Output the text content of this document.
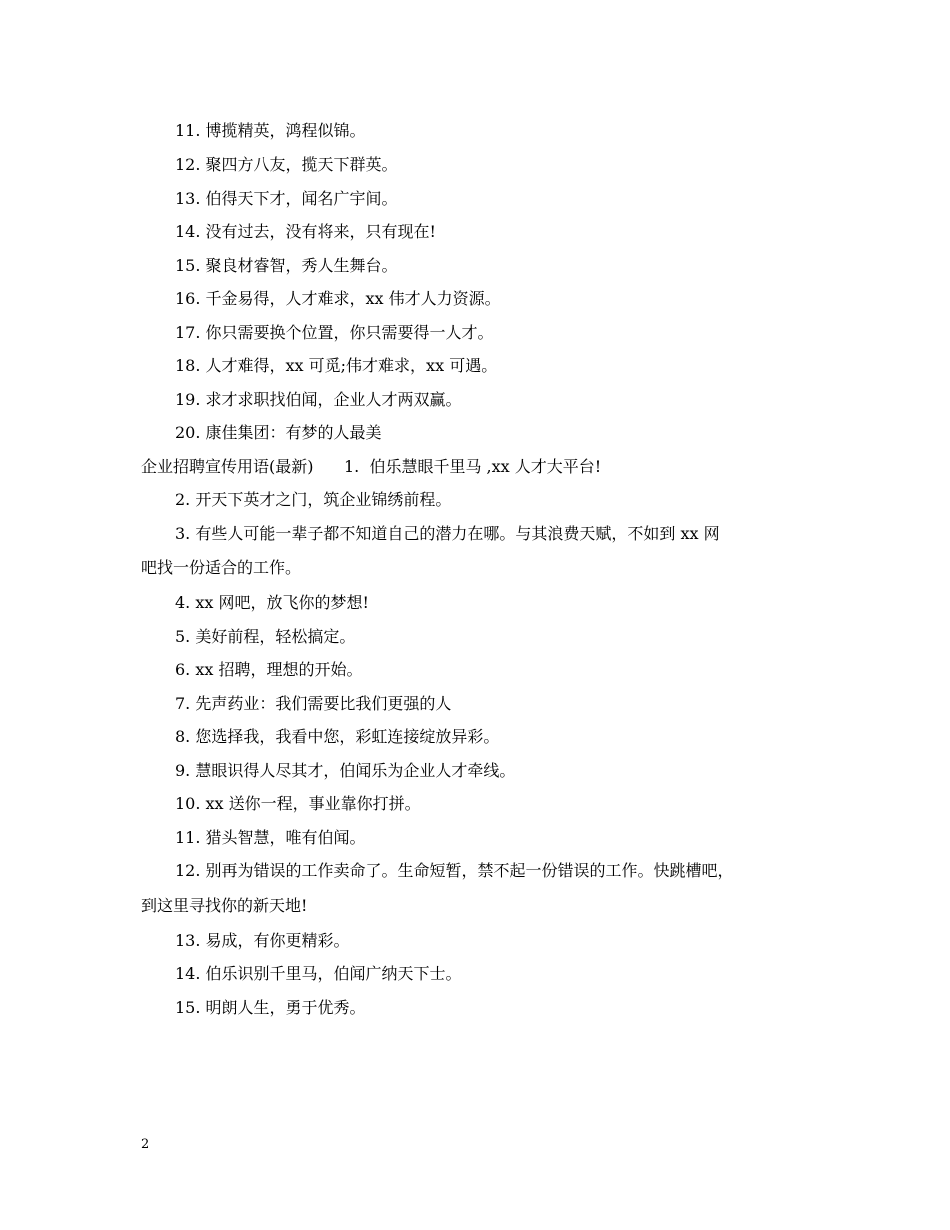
11. 博揽精英，鸿程似锦。
12. 聚四方八友，揽天下群英。
13. 伯得天下才，闻名广宇间。
14. 没有过去，没有将来，只有现在!
15. 聚良材睿智，秀人生舞台。
16. 千金易得，人才难求，xx 伟才人力资源。
17. 你只需要换个位置，你只需要得一人才。
18. 人才难得，xx 可觅;伟才难求，xx 可遇。
19. 求才求职找伯闻，企业人才两双赢。
20. 康佳集团：有梦的人最美
企业招聘宣传用语(最新)      1.  伯乐慧眼千里马 ,xx 人才大平台!
2. 开天下英才之门，筑企业锦绣前程。
3. 有些人可能一辈子都不知道自己的潜力在哪。与其浪费天赋，不如到 xx 网
吧找一份适合的工作。
4. xx 网吧，放飞你的梦想!
5. 美好前程，轻松搞定。
6. xx 招聘，理想的开始。
7. 先声药业：我们需要比我们更强的人
8. 您选择我，我看中您，彩虹连接绽放异彩。
9. 慧眼识得人尽其才，伯闻乐为企业人才牵线。
10. xx 送你一程，事业靠你打拼。
11. 猎头智慧，唯有伯闻。
12. 别再为错误的工作卖命了。生命短暂，禁不起一份错误的工作。快跳槽吧，
到这里寻找你的新天地!
13. 易成，有你更精彩。
14. 伯乐识别千里马，伯闻广纳天下士。
15. 明朗人生，勇于优秀。
2
